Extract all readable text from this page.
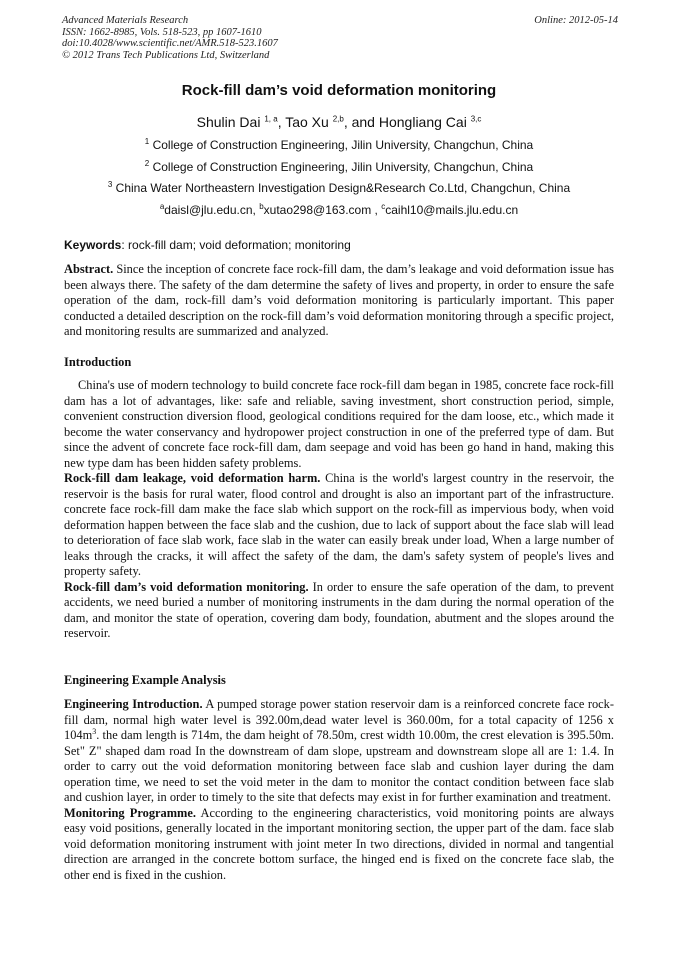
Advanced Materials Research
ISSN: 1662-8985, Vols. 518-523, pp 1607-1610
doi:10.4028/www.scientific.net/AMR.518-523.1607
© 2012 Trans Tech Publications Ltd, Switzerland
Online: 2012-05-14
Rock-fill dam’s void deformation monitoring
Shulin Dai $^{1, a}$, Tao Xu $^{2,b}$, and Hongliang Cai $^{3,c}$
$^1$ College of Construction Engineering, Jilin University, Changchun, China
$^2$ College of Construction Engineering, Jilin University, Changchun, China
$^3$ China Water Northeastern Investigation Design&Research Co.Ltd, Changchun, China
$^a$daisl@jlu.edu.cn, $^b$xutao298@163.com , $^c$caihl10@mails.jlu.edu.cn
Keywords: rock-fill dam; void deformation; monitoring

Abstract. Since the inception of concrete face rock-fill dam, the dam’s leakage and void deformation issue has been always there. The safety of the dam determine the safety of lives and property, in order to ensure the safe operation of the dam, rock-fill dam’s void deformation monitoring is particularly important. This paper conducted a detailed description on the rock-fill dam’s void deformation monitoring through a specific project, and monitoring results are summarized and analyzed.

Introduction

China's use of modern technology to build concrete face rock-fill dam began in 1985, concrete face rock-fill dam has a lot of advantages, like: safe and reliable, saving investment, short construction period, simple, convenient construction diversion flood, geological conditions required for the dam loose, etc., which made it become the water conservancy and hydropower project construction in one of the preferred type of dam. But since the advent of concrete face rock-fill dam, dam seepage and void has been go hand in hand, making this new type dam has been hidden safety problems.

Rock-fill dam leakage, void deformation harm. China is the world's largest country in the reservoir, the reservoir is the basis for rural water, flood control and drought is also an important part of the infrastructure. concrete face rock-fill dam make the face slab which support on the rock-fill as impervious body, when void deformation happen between the face slab and the cushion, due to lack of support about the face slab will lead to deterioration of face slab work, face slab in the water can easily break under load, When a large number of leaks through the cracks, it will affect the safety of the dam, the dam's safety system of people's lives and property safety.

Rock-fill dam’s void deformation monitoring. In order to ensure the safe operation of the dam, to prevent accidents, we need buried a number of monitoring instruments in the dam during the normal operation of the dam, and monitor the state of operation, covering dam body, foundation, abutment and the slopes around the reservoir.

Engineering Example Analysis

Engineering Introduction. A pumped storage power station reservoir dam is a reinforced concrete face rock-fill dam, normal high water level is 392.00m,dead water level is 360.00m, for a total capacity of 1256 x $104m^3$. the dam length is 714m, the dam height of 78.50m, crest width 10.00m, the crest elevation is 395.50m. Set" Z" shaped dam road In the downstream of dam slope, upstream and downstream slope all are 1: 1.4. In order to carry out the void deformation monitoring between face slab and cushion layer during the dam operation time, we need to set the void meter in the dam to monitor the contact condition between face slab and cushion layer, in order to timely to the site that defects may exist in for further examination and treatment.

Monitoring Programme. According to the engineering characteristics, void monitoring points are always easy void positions, generally located in the important monitoring section, the upper part of the dam. face slab void deformation monitoring instrument with joint meter In two directions, divided in normal and tangential direction are arranged in the concrete bottom surface, the hinged end is fixed on the concrete face slab, the other end is fixed in the cushion.
